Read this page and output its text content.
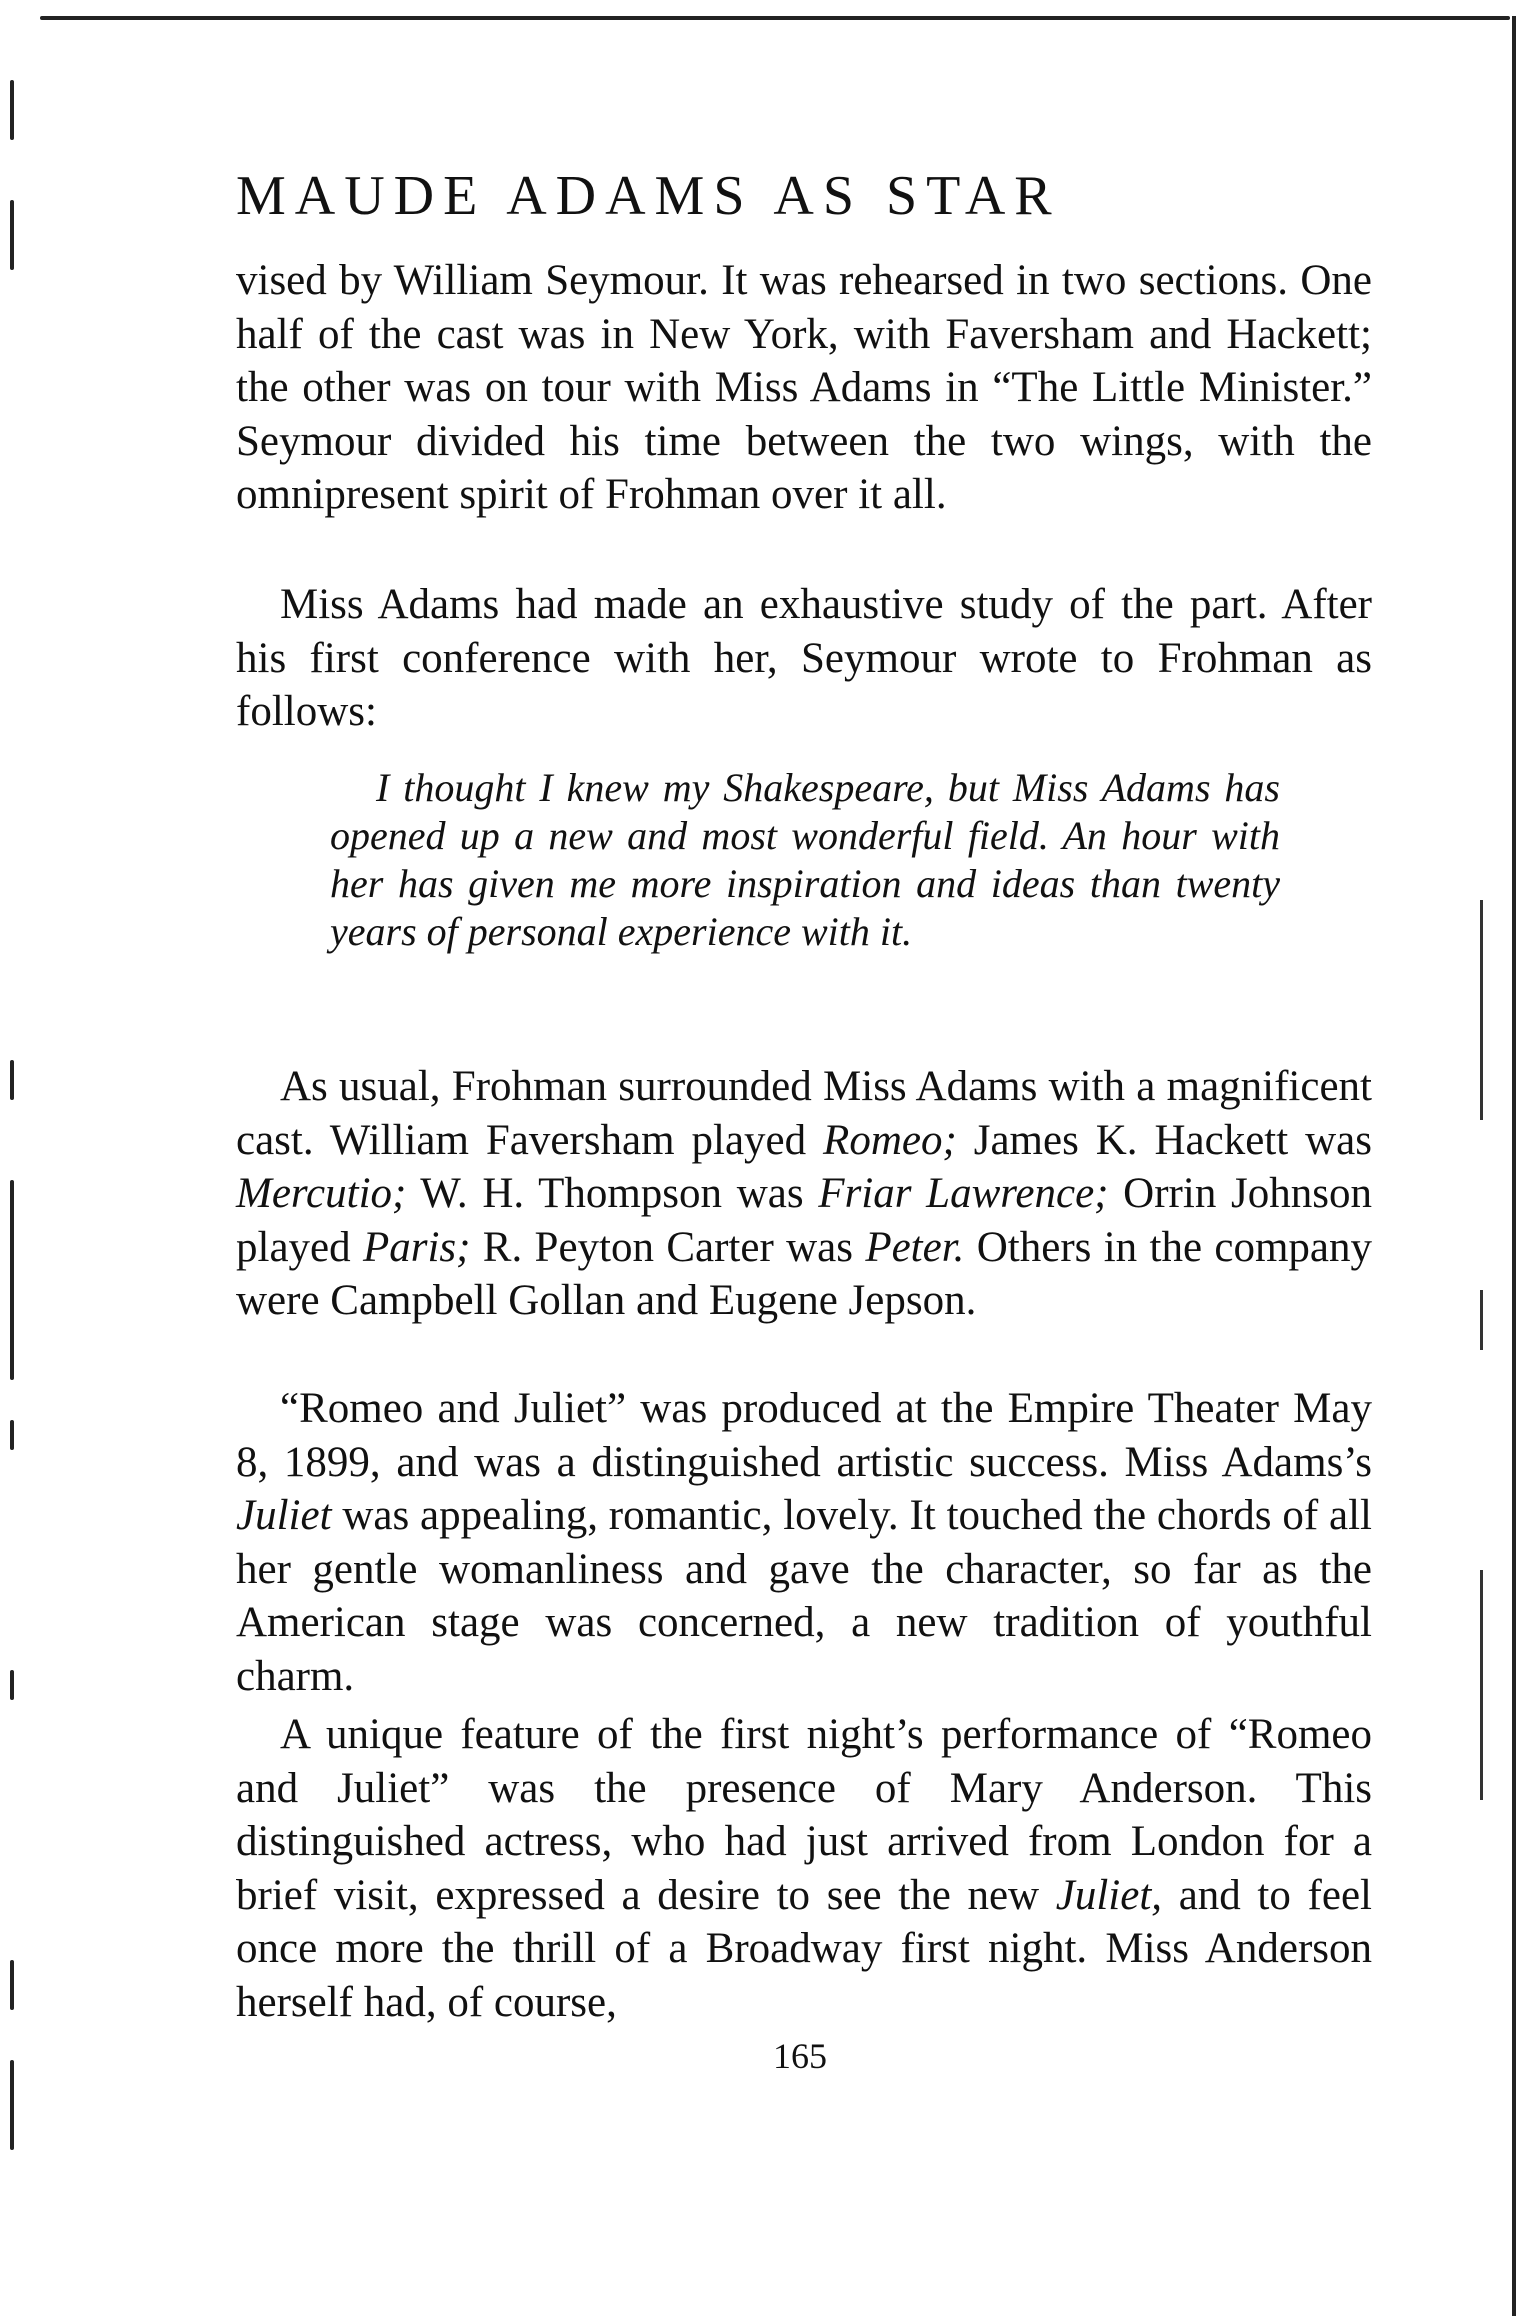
MAUDE ADAMS AS STAR

vised by William Seymour. It was rehearsed in two sections. One half of the cast was in New York, with Faversham and Hackett; the other was on tour with Miss Adams in “The Little Minister.” Seymour divided his time between the two wings, with the omnipresent spirit of Frohman over it all.

Miss Adams had made an exhaustive study of the part. After his first conference with her, Seymour wrote to Frohman as follows:

I thought I knew my Shakespeare, but Miss Adams has opened up a new and most wonderful field. An hour with her has given me more inspiration and ideas than twenty years of personal experience with it.

As usual, Frohman surrounded Miss Adams with a magnificent cast. William Faversham played Romeo; James K. Hackett was Mercutio; W. H. Thompson was Friar Lawrence; Orrin Johnson played Paris; R. Peyton Carter was Peter. Others in the company were Campbell Gollan and Eugene Jepson.

“Romeo and Juliet” was produced at the Empire Theater May 8, 1899, and was a distinguished artistic success. Miss Adams’s Juliet was appealing, romantic, lovely. It touched the chords of all her gentle womanliness and gave the character, so far as the American stage was concerned, a new tradition of youthful charm.

A unique feature of the first night’s performance of “Romeo and Juliet” was the presence of Mary Anderson. This distinguished actress, who had just arrived from London for a brief visit, expressed a desire to see the new Juliet, and to feel once more the thrill of a Broadway first night. Miss Anderson herself had, of course,

165
